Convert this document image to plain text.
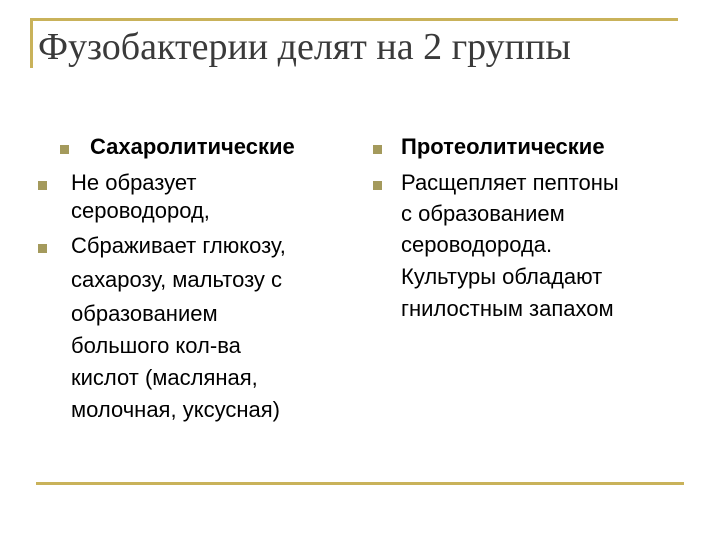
Фузобактерии делят на 2 группы

Сахаролитические

Не образует

сероводород,

Сбраживает глюкозу,

сахарозу, мальтозу с

образованием

большого кол-ва

кислот (масляная,

молочная, уксусная)

Протеолитические

Расщепляет пептоны

с образованием

сероводорода.

Культуры обладают

гнилостным запахом
